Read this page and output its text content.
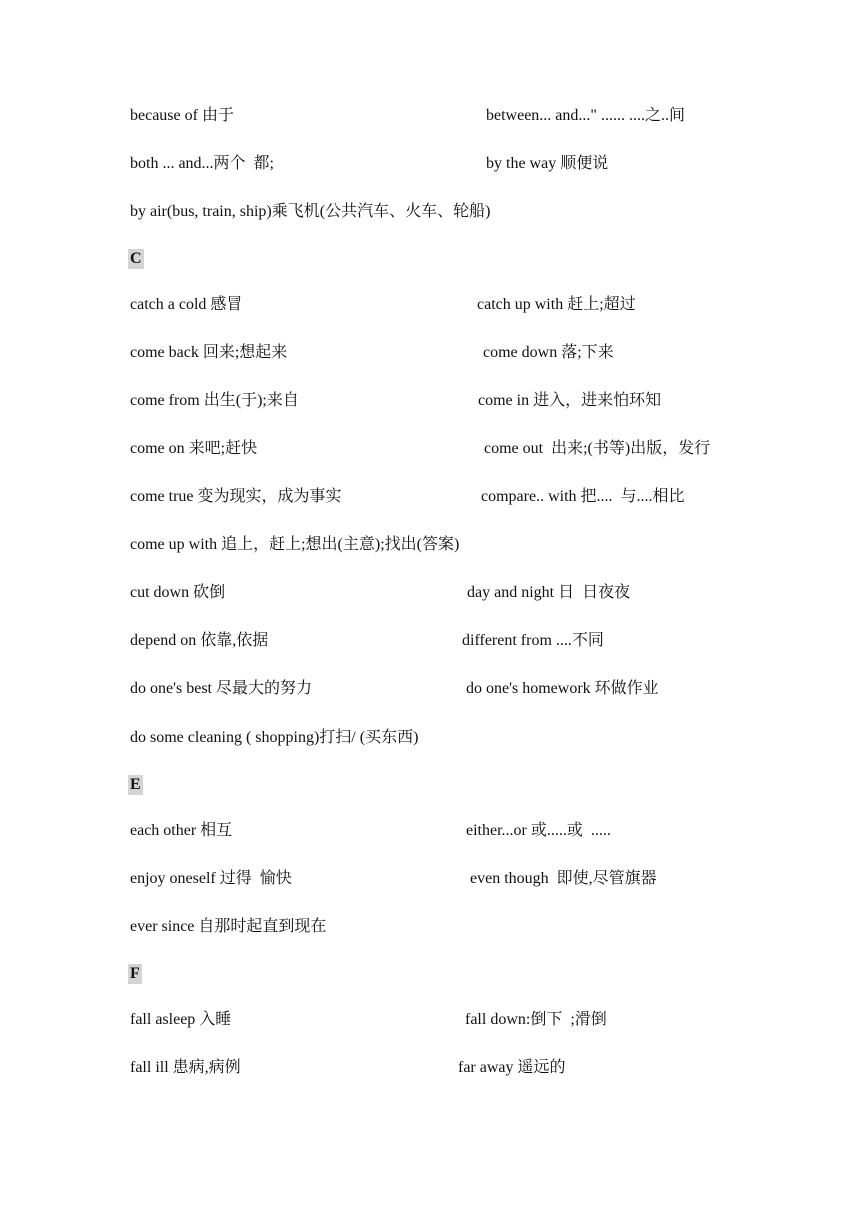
because of 由于	between... and..." ...... ....之..间
both ... and...两个  都;	by the way 顺便说
by air(bus, train, ship)乘飞机(公共汽车、火车、轮船)
C
catch a cold 感冒	catch up with 赶上;超过
come back 回来;想起来	come down 落;下来
come from 出生(于);来自	come in 进入，进来怕环知
come on 来吧;赶快	come out  出来;(书等)出版，发行
come true 变为现实，成为事实	compare.. with 把....  与....相比
come up with 追上，赶上;想出(主意);找出(答案)
cut down 砍倒	day and night 日  日夜夜
depend on 依靠,依据	different from ....不同
do one's best 尽最大的努力	do one's homework 环做作业
do some cleaning ( shopping)打扫/ (买东西)
E
each other 相互	either...or 或.....或  .....
enjoy oneself 过得  愉快	even though  即使,尽管旗器
ever since 自那时起直到现在
F
fall asleep 入睡	fall down:倒下  ;滑倒
fall ill 患病,病例	far away 遥远的
